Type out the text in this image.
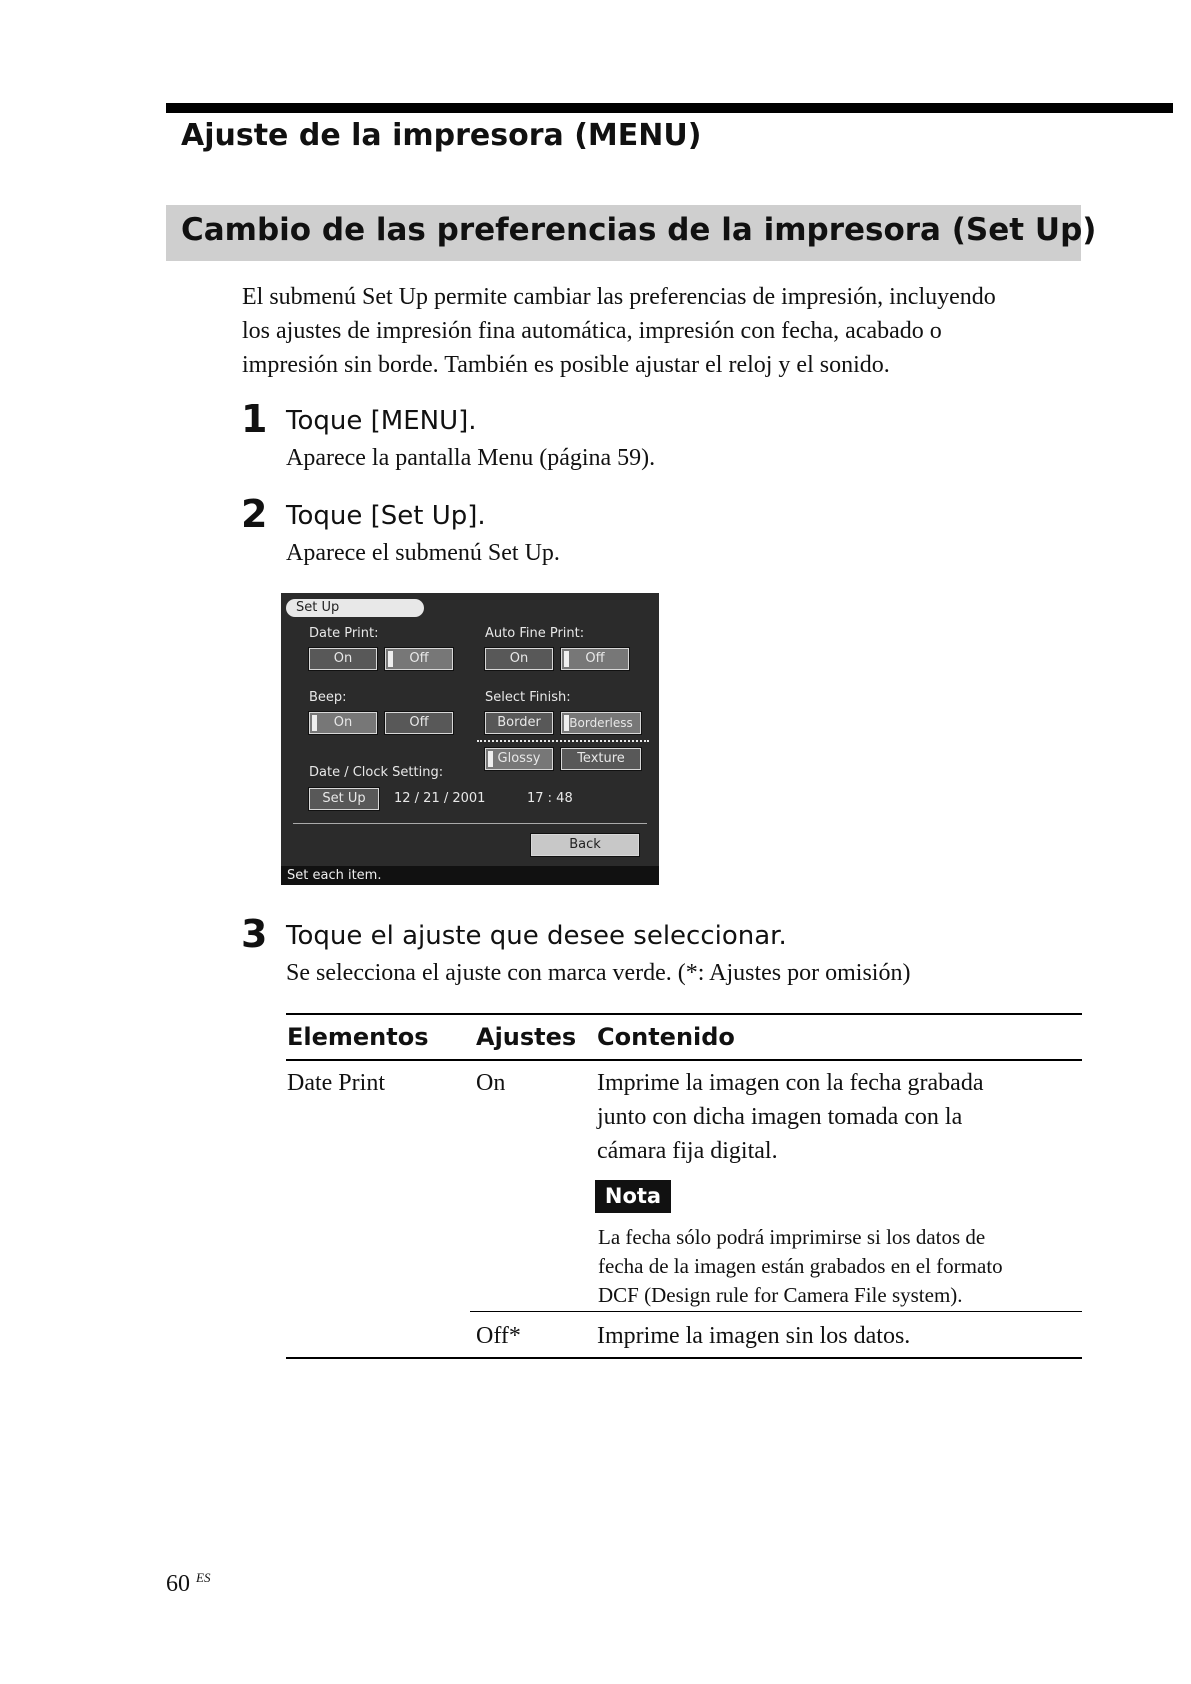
Ajuste de la impresora (MENU)
Cambio de las preferencias de la impresora (Set Up)
El submenú Set Up permite cambiar las preferencias de impresión, incluyendo
los ajustes de impresión fina automática, impresión con fecha, acabado o
impresión sin borde. También es posible ajustar el reloj y el sonido.
1 Toque [MENU].
Aparece la pantalla Menu (página 59).
2 Toque [Set Up].
Aparece el submenú Set Up.
Set Up
Date Print:
On	Off
Auto Fine Print:
On	Off
Beep:
On	Off
Select Finish:
Border	Borderless
Glossy	Texture
Date / Clock Setting:
Set Up	12 / 21 / 2001	17 : 48
Back
Set each item.
3 Toque el ajuste que desee seleccionar.
Se selecciona el ajuste con marca verde. (*: Ajustes por omisión)
Elementos Ajustes Contenido
Date Print	On	Imprime la imagen con la fecha grabada
junto con dicha imagen tomada con la
cámara fija digital.
Nota
La fecha sólo podrá imprimirse si los datos de
fecha de la imagen están grabados en el formato
DCF (Design rule for Camera File system).
Off*	Imprime la imagen sin los datos.
60 $^{ES}$
